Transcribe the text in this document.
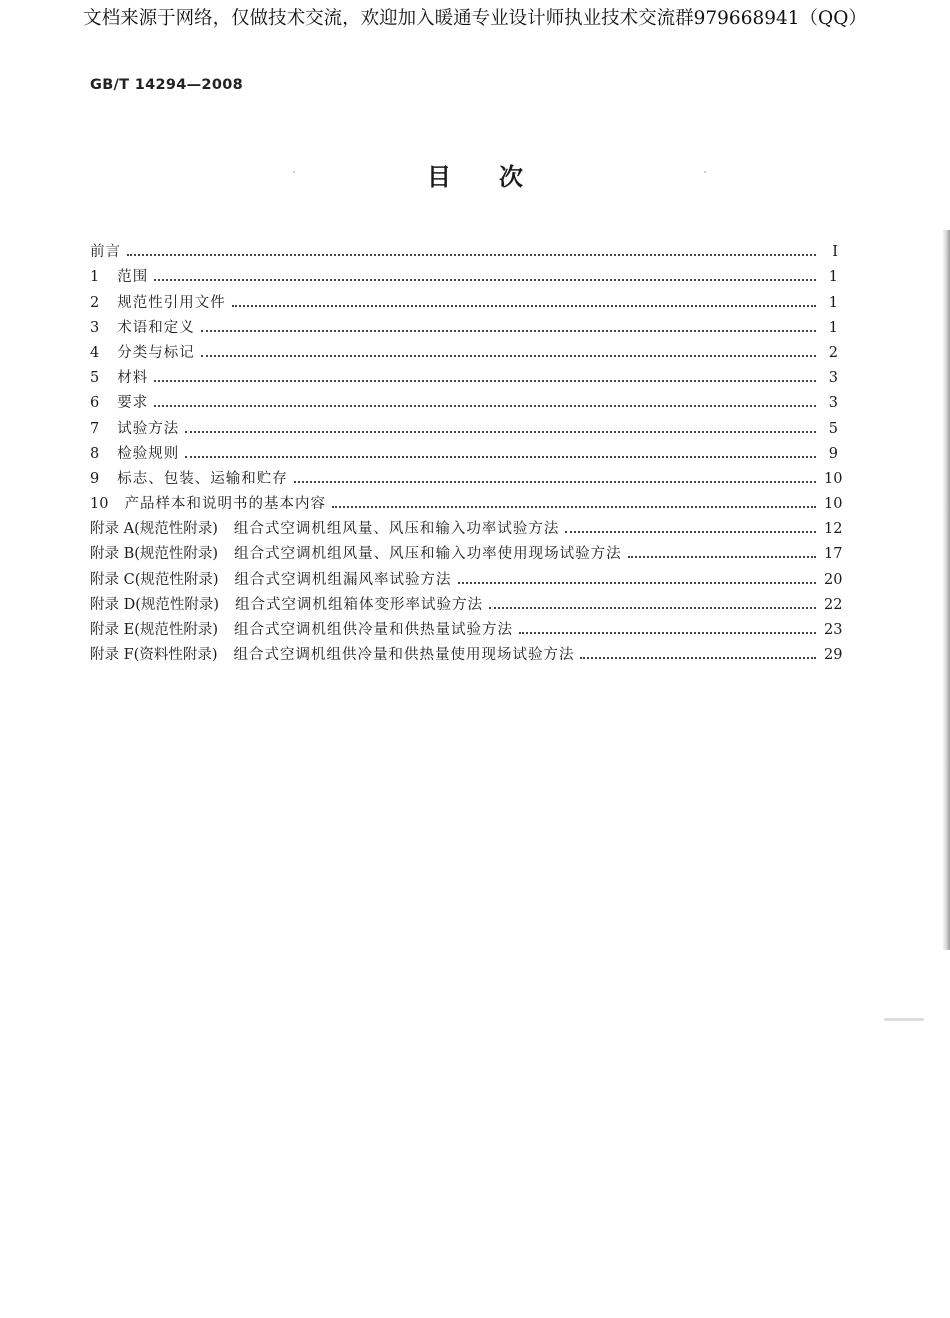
文档来源于网络，仅做技术交流，欢迎加入暖通专业设计师执业技术交流群979668941（QQ）
GB/T 14294—2008
目次
前言	I
1 范围	1
2 规范性引用文件	1
3 术语和定义	1
4 分类与标记	2
5 材料	3
6 要求	3
7 试验方法	5
8 检验规则	9
9 标志、包装、运输和贮存	10
10 产品样本和说明书的基本内容	10
附录 A(规范性附录) 组合式空调机组风量、风压和输入功率试验方法	12
附录 B(规范性附录) 组合式空调机组风量、风压和输入功率使用现场试验方法	17
附录 C(规范性附录) 组合式空调机组漏风率试验方法	20
附录 D(规范性附录) 组合式空调机组箱体变形率试验方法	22
附录 E(规范性附录) 组合式空调机组供冷量和供热量试验方法	23
附录 F(资料性附录) 组合式空调机组供冷量和供热量使用现场试验方法	29
